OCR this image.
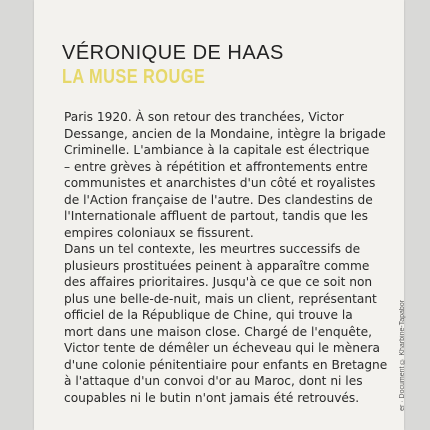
VÉRONIQUE DE HAAS
LA MUSE ROUGE
Paris 1920. À son retour des tranchées, Victor
Dessange, ancien de la Mondaine, intègre la brigade
Criminelle. L'ambiance à la capitale est électrique
– entre grèves à répétition et affrontements entre
communistes et anarchistes d'un côté et royalistes
de l'Action française de l'autre. Des clandestins de
l'Internationale affluent de partout, tandis que les
empires coloniaux se fissurent.
Dans un tel contexte, les meurtres successifs de
plusieurs prostituées peinent à apparaître comme
des affaires prioritaires. Jusqu'à ce que ce soit non
plus une belle-de-nuit, mais un client, représentant
officiel de la République de Chine, qui trouve la
mort dans une maison close. Chargé de l'enquête,
Victor tente de démêler un écheveau qui le mènera
d'une colonie pénitentiaire pour enfants en Bretagne
à l'attaque d'un convoi d'or au Maroc, dont ni les
coupables ni le butin n'ont jamais été retrouvés.	er · Document © Kharbine-Tapabor
